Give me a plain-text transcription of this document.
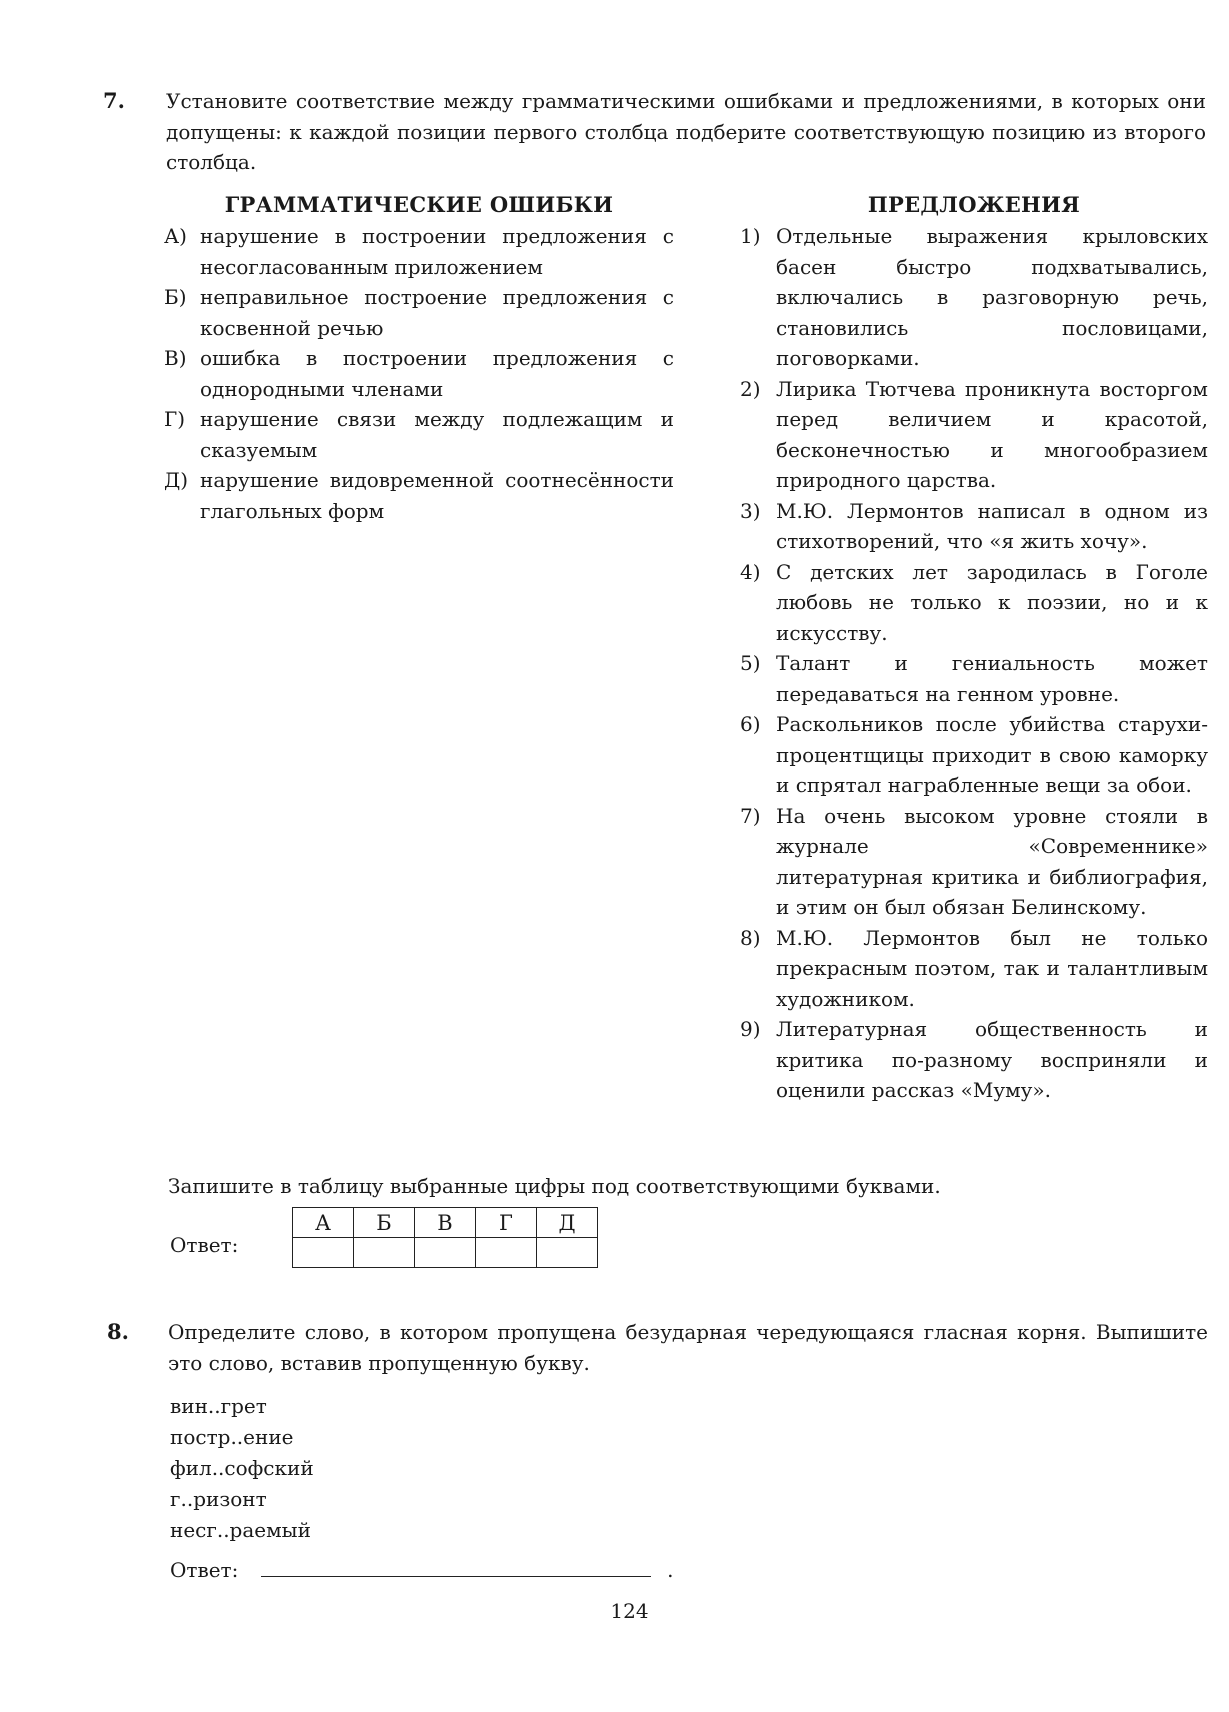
7. Установите соответствие между грамматическими ошибками и предложениями, в которых они допущены: к каждой позиции первого столбца подберите соответствующую позицию из второго столбца.
ГРАММАТИЧЕСКИЕ ОШИБКИ	ПРЕДЛОЖЕНИЯ
А) нарушение в построении предложения с несогласованным приложением
Б) неправильное построение предложения с косвенной речью
В) ошибка в построении предложения с однородными членами
Г) нарушение связи между подлежащим и сказуемым
Д) нарушение видовременной соотнесённости глагольных форм
1) Отдельные выражения крыловских басен быстро подхватывались, включались в разговорную речь, становились пословицами, поговорками.
2) Лирика Тютчева проникнута восторгом перед величием и красотой, бесконечностью и многообразием природного царства.
3) М.Ю. Лермонтов написал в одном из стихотворений, что «я жить хочу».
4) С детских лет зародилась в Гоголе любовь не только к поэзии, но и к искусству.
5) Талант и гениальность может передаваться на генном уровне.
6) Раскольников после убийства старухи-процентщицы приходит в свою каморку и спрятал награбленные вещи за обои.
7) На очень высоком уровне стояли в журнале «Современнике» литературная критика и библиография, и этим он был обязан Белинскому.
8) М.Ю. Лермонтов был не только прекрасным поэтом, так и талантливым художником.
9) Литературная общественность и критика по-разному восприняли и оценили рассказ «Муму».
Запишите в таблицу выбранные цифры под соответствующими буквами.
Ответ:
А	Б	В	Г	Д

8. Определите слово, в котором пропущена безударная чередующаяся гласная корня. Выпишите это слово, вставив пропущенную букву.
вин..грет
постр..ение
фил..софский
г..ризонт
несг..раемый
Ответ:	.
124
